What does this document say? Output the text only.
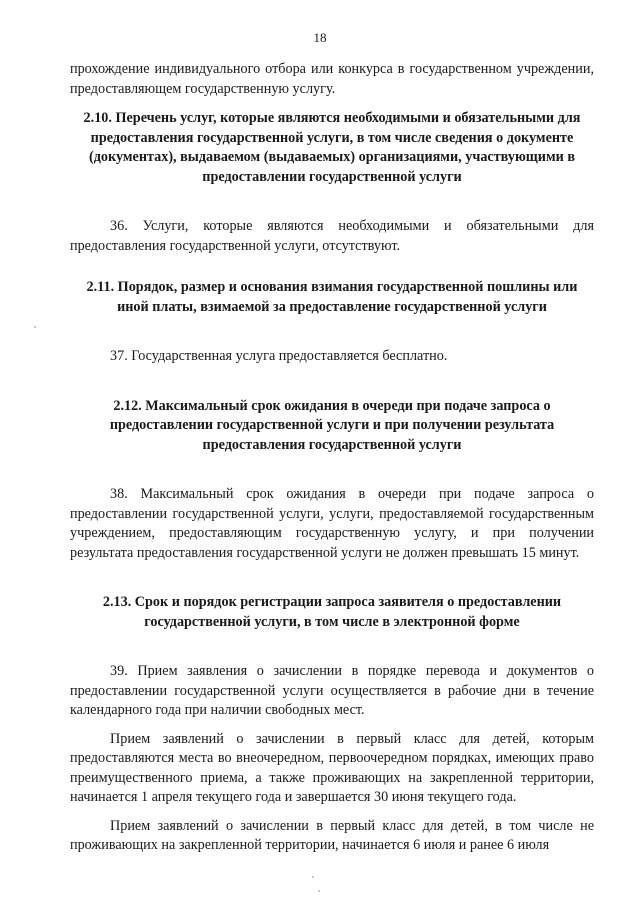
18

прохождение индивидуального отбора или конкурса в государственном учреждении, предоставляющем государственную услугу.

2.10. Перечень услуг, которые являются необходимыми и обязательными для предоставления государственной услуги, в том числе сведения о документе (документах), выдаваемом (выдаваемых) организациями, участвующими в предоставлении государственной услуги

36. Услуги, которые являются необходимыми и обязательными для предоставления государственной услуги, отсутствуют.

2.11. Порядок, размер и основания взимания государственной пошлины или иной платы, взимаемой за предоставление государственной услуги

37. Государственная услуга предоставляется бесплатно.

2.12. Максимальный срок ожидания в очереди при подаче запроса о предоставлении государственной услуги и при получении результата предоставления государственной услуги

38. Максимальный срок ожидания в очереди при подаче запроса о предоставлении государственной услуги, услуги, предоставляемой государственным учреждением, предоставляющим государственную услугу, и при получении результата предоставления государственной услуги не должен превышать 15 минут.

2.13. Срок и порядок регистрации запроса заявителя о предоставлении государственной услуги, в том числе в электронной форме

39. Прием заявления о зачислении в порядке перевода и документов о предоставлении государственной услуги осуществляется в рабочие дни в течение календарного года при наличии свободных мест.

Прием заявлений о зачислении в первый класс для детей, которым предоставляются места во внеочередном, первоочередном порядках, имеющих право преимущественного приема, а также проживающих на закрепленной территории, начинается 1 апреля текущего года и завершается 30 июня текущего года.

Прием заявлений о зачислении в первый класс для детей, в том числе не проживающих на закрепленной территории, начинается 6 июля и ранее 6 июля
